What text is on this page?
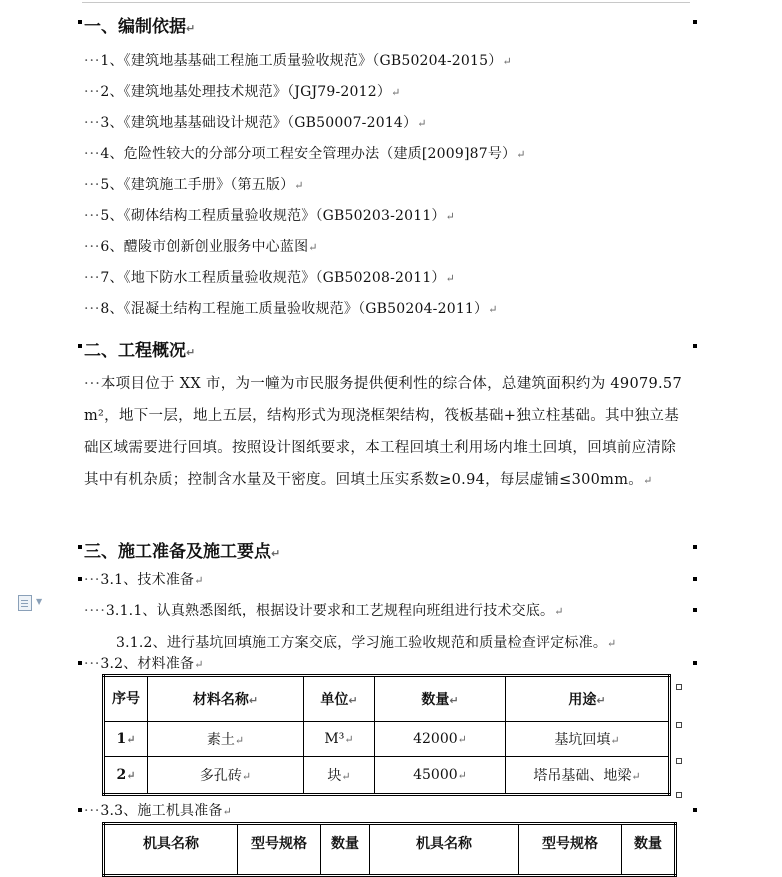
一、编制依据↵
···1、《建筑地基基础工程施工质量验收规范》（GB50204-2015）↵
···2、《建筑地基处理技术规范》（JGJ79-2012）↵
···3、《建筑地基基础设计规范》（GB50007-2014）↵
···4、危险性较大的分部分项工程安全管理办法（建质[2009]87号）↵
···5、《建筑施工手册》（第五版）↵
···5、《砌体结构工程质量验收规范》（GB50203-2011）↵
···6、醴陵市创新创业服务中心蓝图↵
···7、《地下防水工程质量验收规范》（GB50208-2011）↵
···8、《混凝土结构工程施工质量验收规范》（GB50204-2011）↵
二、工程概况↵
···本项目位于 XX 市，为一幢为市民服务提供便利性的综合体，总建筑面积约为 49079.57 m²，地下一层，地上五层，结构形式为现浇框架结构，筏板基础+独立柱基础。其中独立基础区域需要进行回填。按照设计图纸要求，本工程回填土利用场内堆土回填，回填前应清除其中有机杂质；控制含水量及干密度。回填土压实系数≥0.94，每层虚铺≤300mm。↵
三、施工准备及施工要点↵
···3.1、技术准备↵
▼
····3.1.1、认真熟悉图纸，根据设计要求和工艺规程向班组进行技术交底。↵
3.1.2、进行基坑回填施工方案交底，学习施工验收规范和质量检查评定标准。↵
···3.2、材料准备↵
序号	材料名称↵	单位↵	数量↵	用途↵
1↵	素土↵	M³↵	42000↵	基坑回填↵
2↵	多孔砖↵	块↵	45000↵	塔吊基础、地梁↵
···3.3、施工机具准备↵
机具名称	型号规格	数量	机具名称	型号规格	数量
